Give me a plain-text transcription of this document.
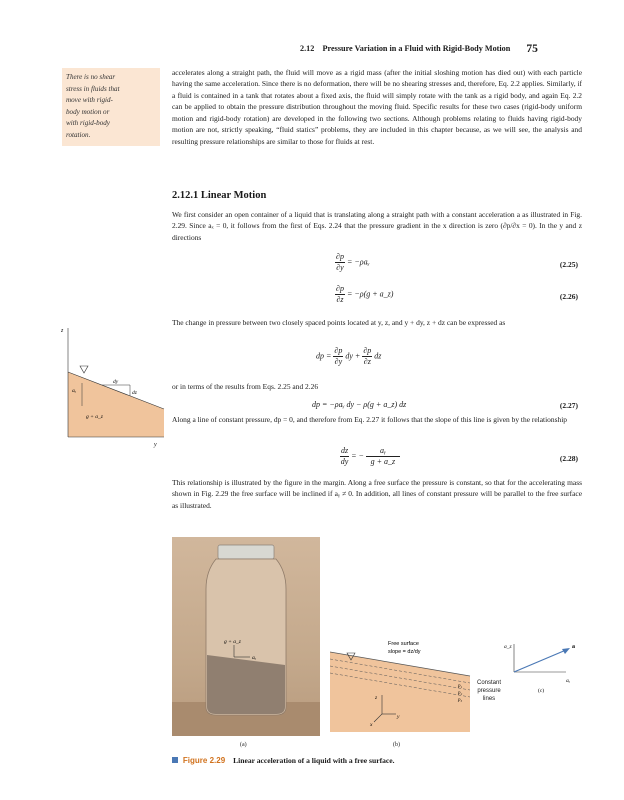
2.12 Pressure Variation in a Fluid with Rigid-Body Motion 75
There is no shear
stress in fluids that
move with rigid-
body motion or
with rigid-body
rotation.

accelerates along a straight path, the fluid will move as a rigid mass (after the initial sloshing motion has died out) with each particle having the same acceleration. Since there is no deformation, there will be no shearing stresses and, therefore, Eq. 2.2 applies. Similarly, if a fluid is contained in a tank that rotates about a fixed axis, the fluid will simply rotate with the tank as a rigid body, and again Eq. 2.2 can be applied to obtain the pressure distribution throughout the moving fluid. Specific results for these two cases (rigid-body uniform motion and rigid-body rotation) are developed in the following two sections. Although problems relating to fluids having rigid-body motion are not, strictly speaking, “fluid statics” problems, they are included in this chapter because, as we will see, the analysis and resulting pressure relationships are similar to those for fluids at rest.

2.12.1 Linear Motion

We first consider an open container of a liquid that is translating along a straight path with a constant acceleration a as illustrated in Fig. 2.29. Since aₓ = 0, it follows from the first of Eqs. 2.24 that the pressure gradient in the x direction is zero (∂p/∂x = 0). In the y and z directions

$\frac{\partial p}{\partial y}$ = −ρaᵧ	(2.25)
$\frac{\partial p}{\partial z} = -\rho(g$ + a_z)	(2.26)

The change in pressure between two closely spaced points located at y, z, and y + dy, z + dz can be expressed as

dp = $\frac{\partial p}{\partial y}$ dy + $\frac{\partial p}{\partial z}$ dz

or in terms of the results from Eqs. 2.25 and 2.26

dp = −ρaᵧ dy − ρ(g + a_z) dz	(2.27)

Along a line of constant pressure, dp = 0, and therefore from Eq. 2.27 it follows that the slope of this line is given by the relationship

$\frac{dz}{dy}$ = − $\frac{\text{aᵧ}}{g + a\_z}$	(2.28)

This relationship is illustrated by the figure in the margin. Along a free surface the pressure is constant, so that for the accelerating mass shown in Fig. 2.29 the free surface will be inclined if aᵧ ≠ 0. In addition, all lines of constant pressure will be parallel to the free surface as illustrated.

z
y
dy
dz
aᵧ
g + a_z
g + a_z
aᵧ
z
y
x
Free surface
slope = dz/dy
p₁
p₂
p₃
Constant
pressure
lines
a_z	a
aᵧ
(c)
(a)	(b)
Figure 2.29 Linear acceleration of a liquid with a free surface.
